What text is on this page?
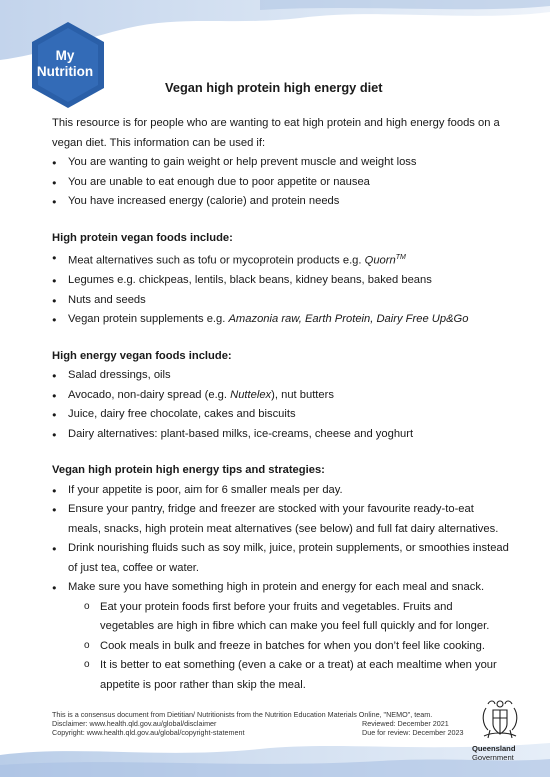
My
Nutrition
Vegan high protein high energy diet

This resource is for people who are wanting to eat high protein and high energy foods on a

vegan diet. This information can be used if:

● You are wanting to gain weight or help prevent muscle and weight loss

● You are unable to eat enough due to poor appetite or nausea

● You have increased energy (calorie) and protein needs

High protein vegan foods include:

● Meat alternatives such as tofu or mycoprotein products e.g. Quorn™

● Legumes e.g. chickpeas, lentils, black beans, kidney beans, baked beans

● Nuts and seeds

● Vegan protein supplements e.g. Amazonia raw, Earth Protein, Dairy Free Up&Go

High energy vegan foods include:

● Salad dressings, oils

● Avocado, non-dairy spread (e.g. Nuttelex), nut butters

● Juice, dairy free chocolate, cakes and biscuits

● Dairy alternatives: plant-based milks, ice-creams, cheese and yoghurt

Vegan high protein high energy tips and strategies:

● If your appetite is poor, aim for 6 smaller meals per day.

● Ensure your pantry, fridge and freezer are stocked with your favourite ready-to-eat
meals, snacks, high protein meat alternatives (see below) and full fat dairy alternatives.

● Drink nourishing fluids such as soy milk, juice, protein supplements, or smoothies instead
of just tea, coffee or water.

● Make sure you have something high in protein and energy for each meal and snack.

o Eat your protein foods first before your fruits and vegetables. Fruits and
vegetables are high in fibre which can make you feel full quickly and for longer.

o Cook meals in bulk and freeze in batches for when you don’t feel like cooking.

o It is better to eat something (even a cake or a treat) at each mealtime when your
appetite is poor rather than skip the meal.

This is a consensus document from Dietitian/ Nutritionists from the Nutrition Education Materials Online, "NEMO", team.
Disclaimer: www.health.qld.gov.au/global/disclaimer	Reviewed: December 2021
Copyright: www.health.qld.gov.au/global/copyright-statement	Due for review: December 2023
Queensland
Government
